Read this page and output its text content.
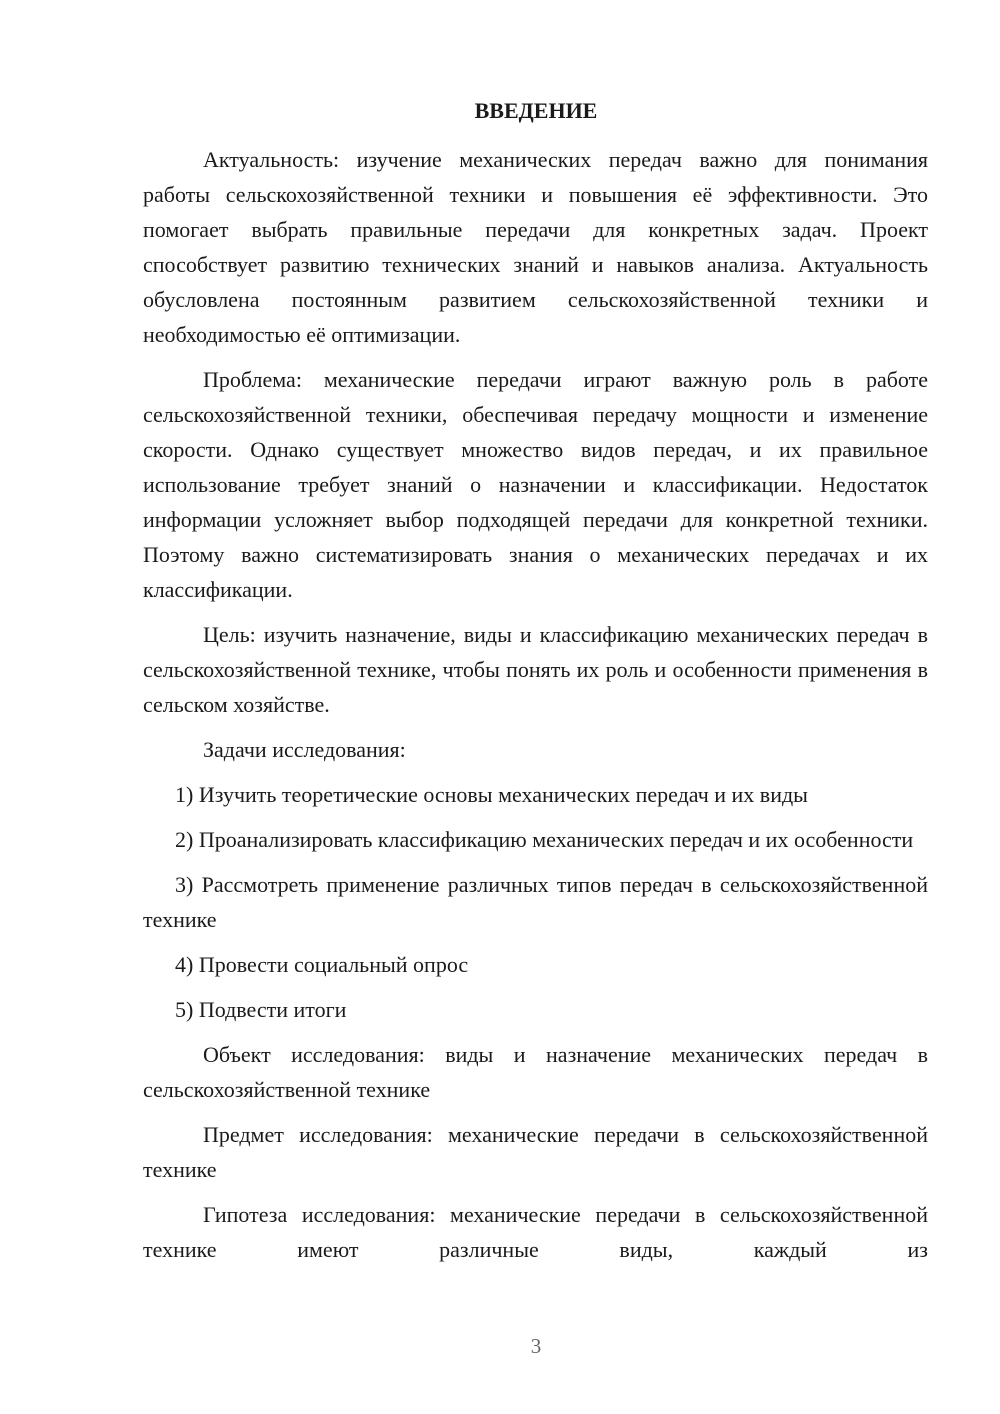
ВВЕДЕНИЕ

Актуальность: изучение механических передач важно для понимания работы сельскохозяйственной техники и повышения её эффективности. Это помогает выбрать правильные передачи для конкретных задач. Проект способствует развитию технических знаний и навыков анализа. Актуальность обусловлена постоянным развитием сельскохозяйственной техники и необходимостью её оптимизации.

Проблема: механические передачи играют важную роль в работе сельскохозяйственной техники, обеспечивая передачу мощности и изменение скорости. Однако существует множество видов передач, и их правильное использование требует знаний о назначении и классификации. Недостаток информации усложняет выбор подходящей передачи для конкретной техники. Поэтому важно систематизировать знания о механических передачах и их классификации.

Цель: изучить назначение, виды и классификацию механических передач в сельскохозяйственной технике, чтобы понять их роль и особенности применения в сельском хозяйстве.

Задачи исследования:

1) Изучить теоретические основы механических передач и их виды

2) Проанализировать классификацию механических передач и их особенности

3) Рассмотреть применение различных типов передач в сельскохозяйственной технике

4) Провести социальный опрос

5) Подвести итоги

Объект исследования: виды и назначение механических передач в сельскохозяйственной технике

Предмет исследования: механические передачи в сельскохозяйственной технике

Гипотеза исследования: механические передачи в сельскохозяйственной технике имеют различные виды, каждый из

3
